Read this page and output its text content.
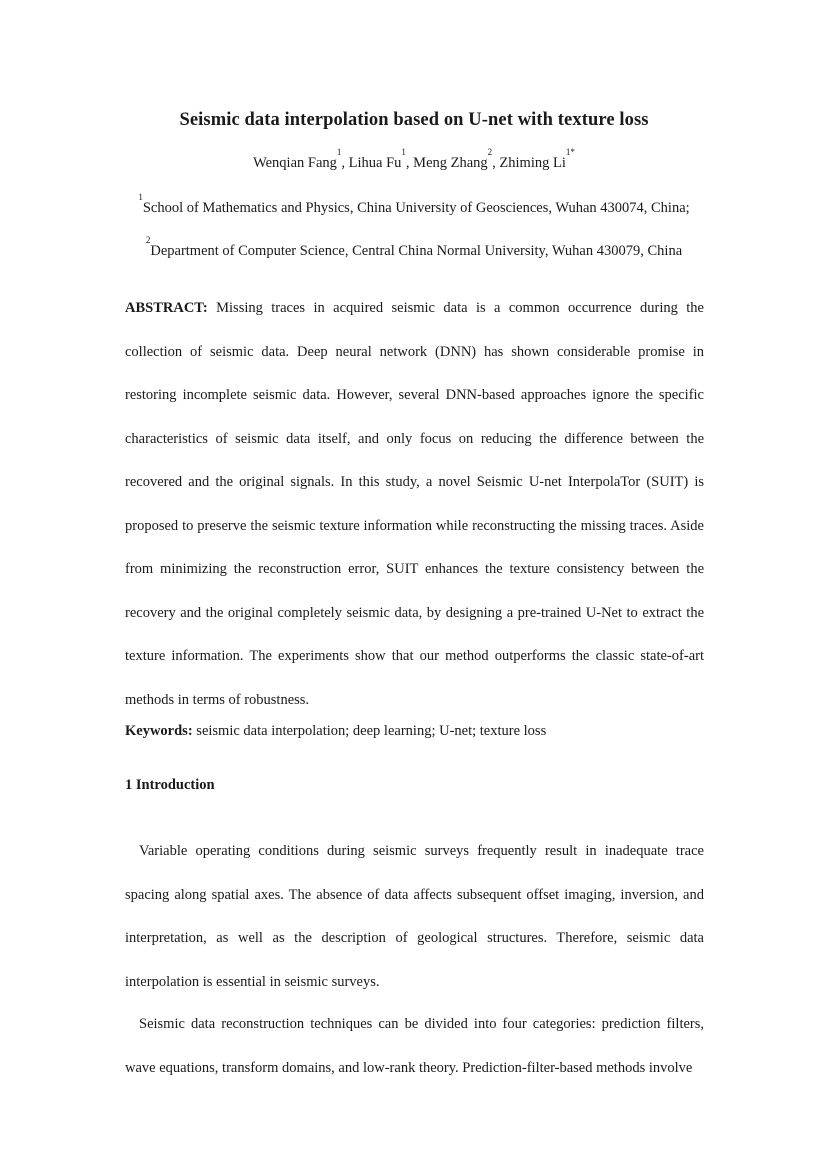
Seismic data interpolation based on U-net with texture loss
Wenqian Fang$^1$, Lihua Fu$^1$, Meng Zhang$^2$, Zhiming $Li^{1*}$
$^1$School of Mathematics and Physics, China University of Geosciences, Wuhan 430074, China;
$^2$Department of Computer Science, Central China Normal University, Wuhan 430079, China
ABSTRACT: Missing traces in acquired seismic data is a common occurrence during the collection of seismic data. Deep neural network (DNN) has shown considerable promise in restoring incomplete seismic data. However, several DNN-based approaches ignore the specific characteristics of seismic data itself, and only focus on reducing the difference between the recovered and the original signals. In this study, a novel Seismic U-net InterpolaTor (SUIT) is proposed to preserve the seismic texture information while reconstructing the missing traces. Aside from minimizing the reconstruction error, SUIT enhances the texture consistency between the recovery and the original completely seismic data, by designing a pre-trained U-Net to extract the texture information. The experiments show that our method outperforms the classic state-of-art methods in terms of robustness.
Keywords: seismic data interpolation; deep learning; U-net; texture loss
1 Introduction
Variable operating conditions during seismic surveys frequently result in inadequate trace spacing along spatial axes. The absence of data affects subsequent offset imaging, inversion, and interpretation, as well as the description of geological structures. Therefore, seismic data interpolation is essential in seismic surveys.
Seismic data reconstruction techniques can be divided into four categories: prediction filters, wave equations, transform domains, and low-rank theory. Prediction-filter-based methods involve
